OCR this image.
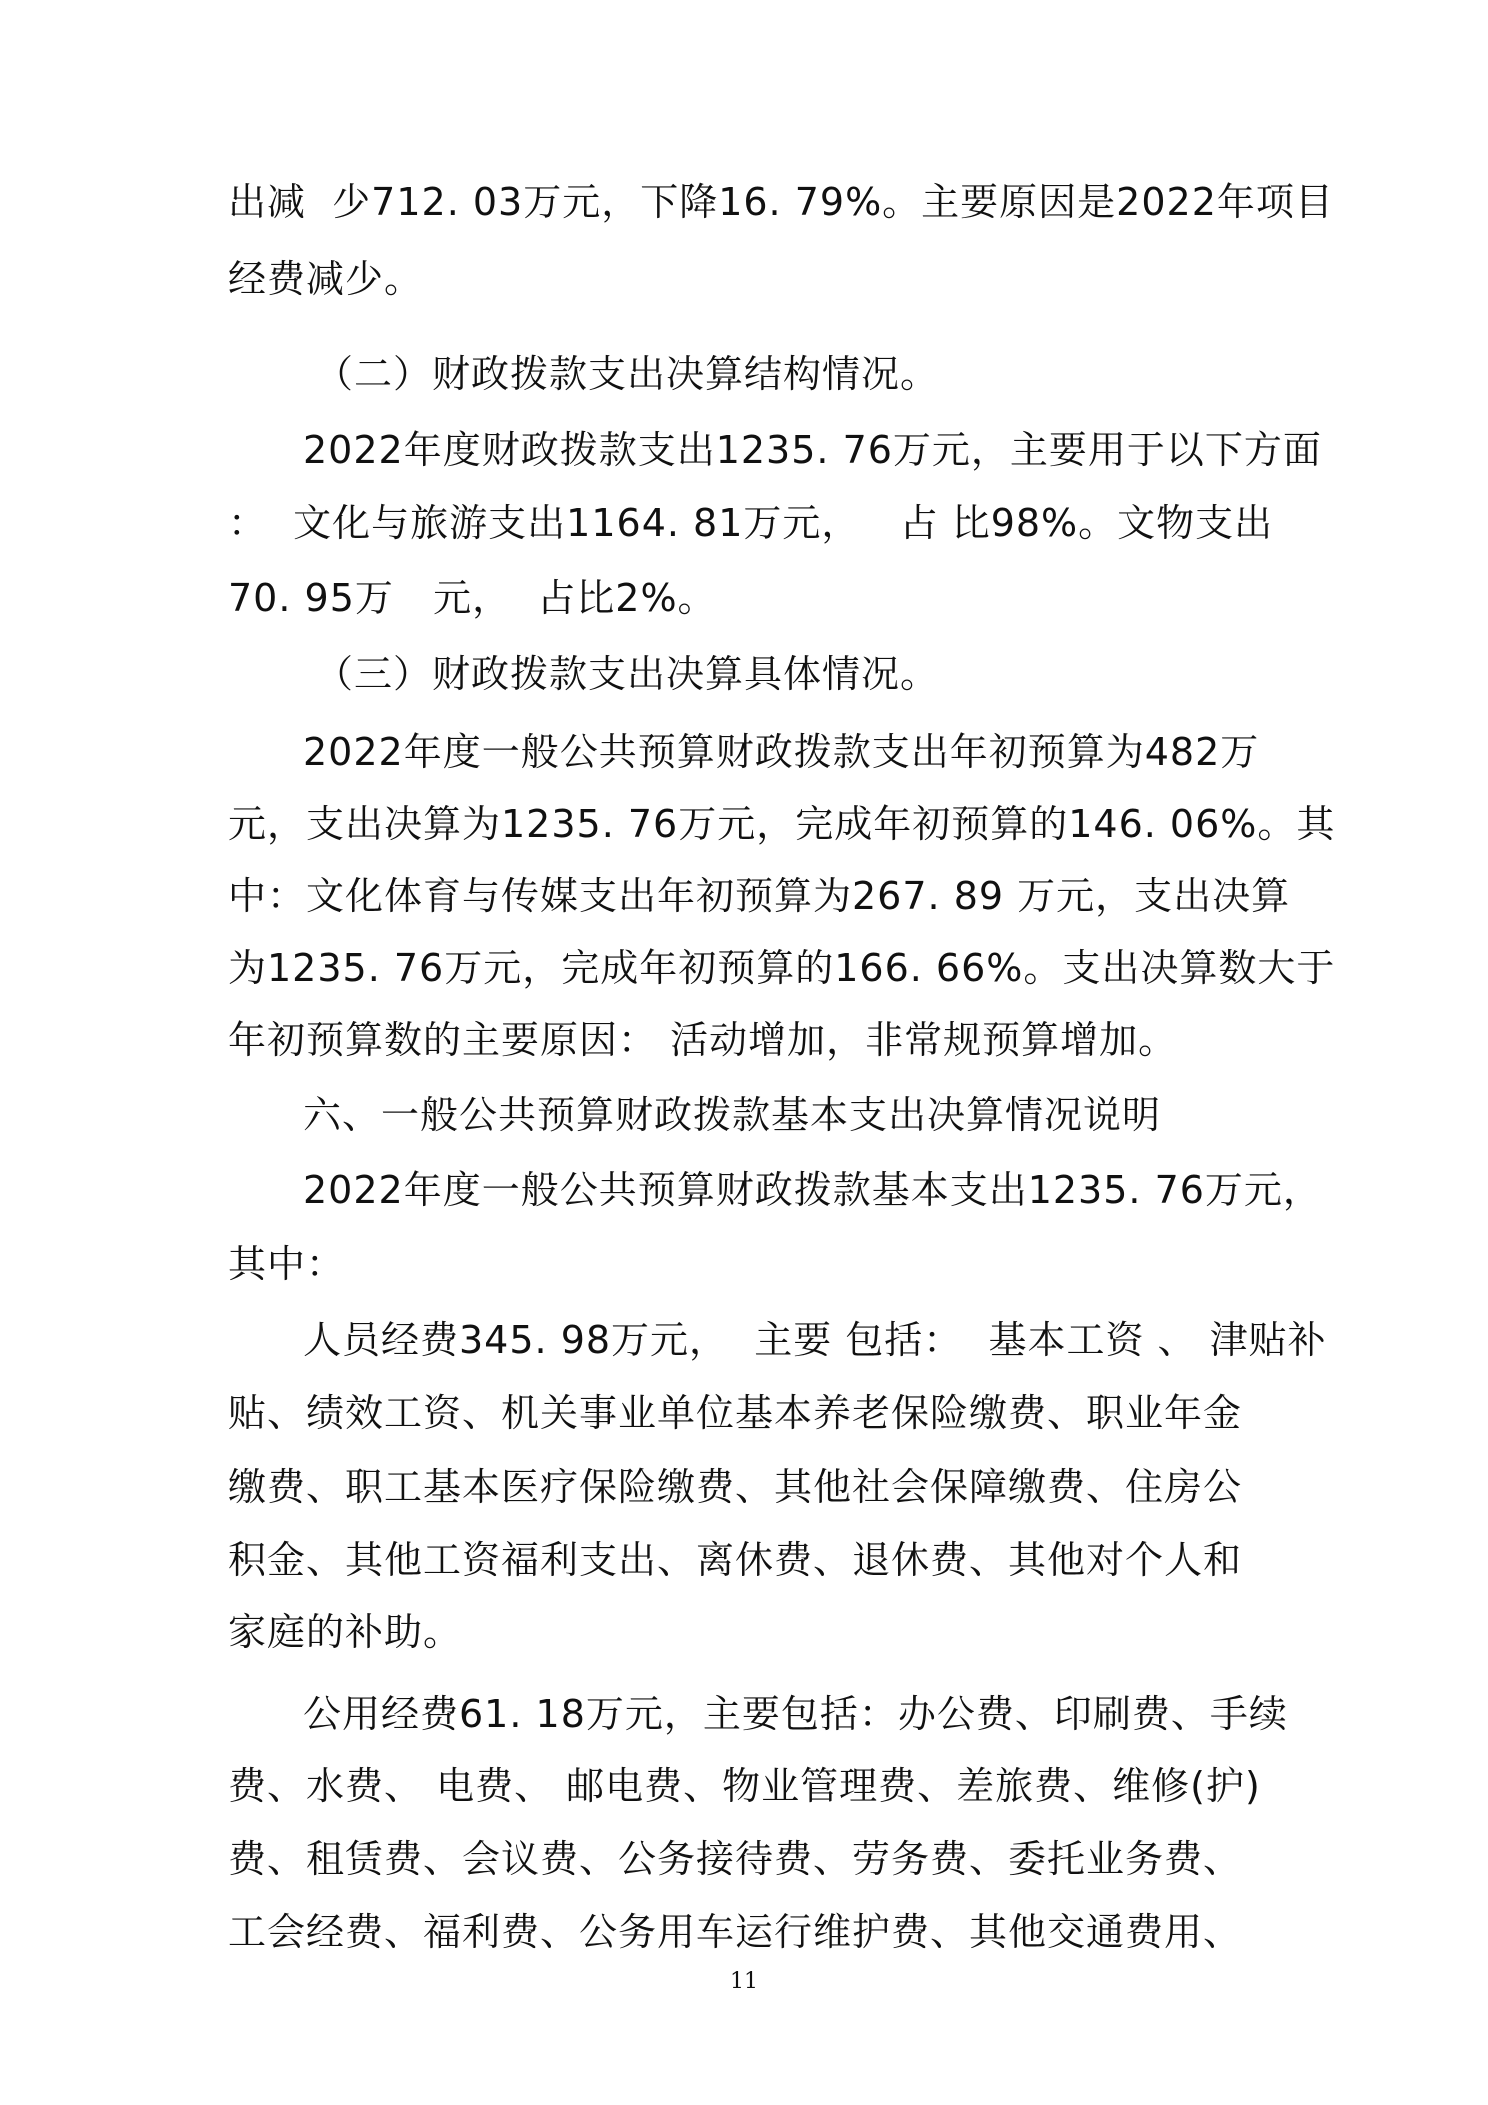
出减  少712. 03万元，下降16. 79%。主要原因是2022年项目
经费减少。
（二）财政拨款支出决算结构情况。
2022年度财政拨款支出1235. 76万元，主要用于以下方面
：  文化与旅游支出1164. 81万元，   占 比98%。文物支出
70. 95万   元，  占比2%。
（三）财政拨款支出决算具体情况。
2022年度一般公共预算财政拨款支出年初预算为482万
元，支出决算为1235. 76万元，完成年初预算的146. 06%。其
中：文化体育与传媒支出年初预算为267. 89 万元，支出决算
为1235. 76万元，完成年初预算的166. 66%。支出决算数大于
年初预算数的主要原因： 活动增加，非常规预算增加。
六、一般公共预算财政拨款基本支出决算情况说明
2022年度一般公共预算财政拨款基本支出1235. 76万元，
其中：
人员经费345. 98万元，  主要 包括：  基本工资 、 津贴补
贴、绩效工资、机关事业单位基本养老保险缴费、职业年金
缴费、职工基本医疗保险缴费、其他社会保障缴费、住房公
积金、其他工资福利支出、离休费、退休费、其他对个人和
家庭的补助。
公用经费61. 18万元，主要包括：办公费、印刷费、手续
费、水费、 电费、 邮电费、物业管理费、差旅费、维修(护)
费、租赁费、会议费、公务接待费、劳务费、委托业务费、
工会经费、福利费、公务用车运行维护费、其他交通费用、
11
